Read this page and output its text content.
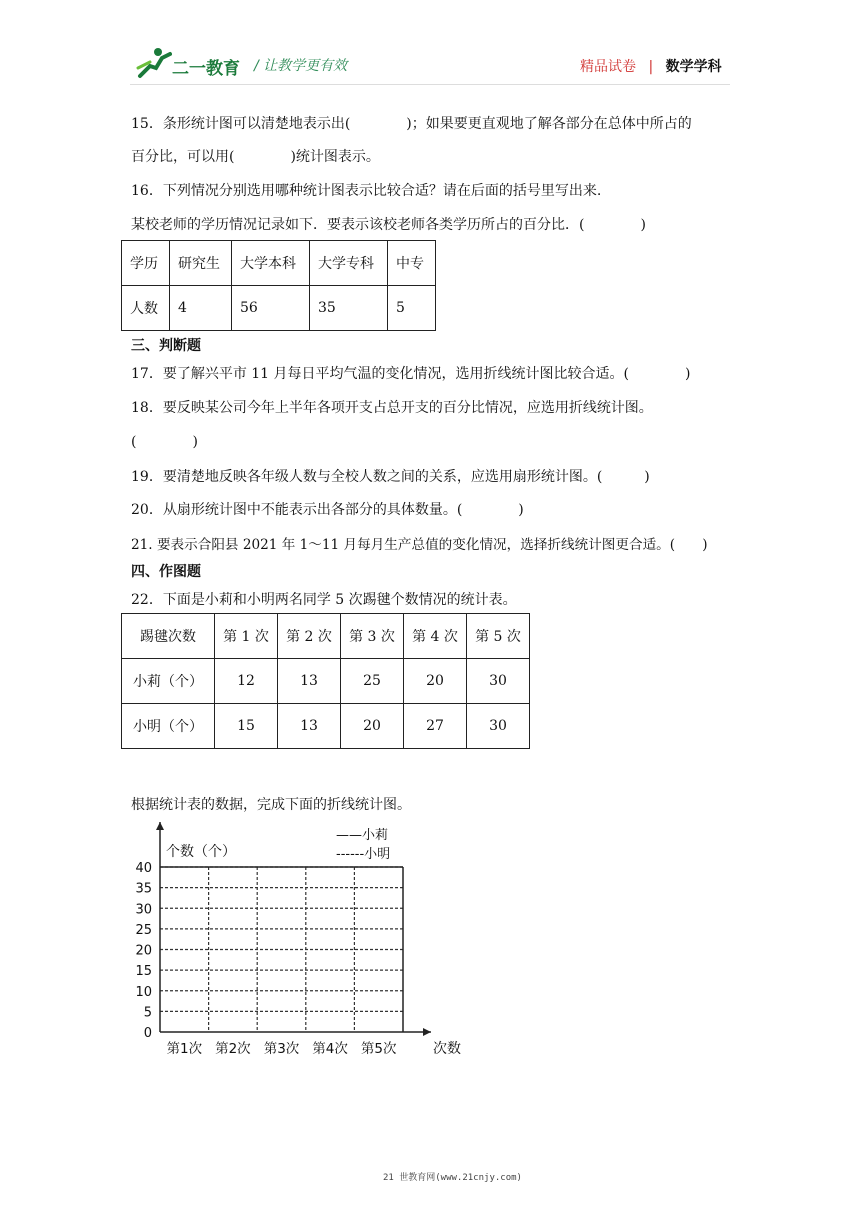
二一教育 / 让教学更有效	精品试卷 | 数学学科
15．条形统计图可以清楚地表示出(　　　　)；如果要更直观地了解各部分在总体中所占的
百分比，可以用(　　　　)统计图表示。
16．下列情况分别选用哪种统计图表示比较合适？请在后面的括号里写出来.
某校老师的学历情况记录如下．要表示该校老师各类学历所占的百分比．(　　　　)
学历	研究生	大学本科	大学专科	中专
人数	4	56	35	5
三、判断题
17．要了解兴平市 11 月每日平均气温的变化情况，选用折线统计图比较合适。(　　　　)
18．要反映某公司今年上半年各项开支占总开支的百分比情况，应选用折线统计图。
(　　　　)
19．要清楚地反映各年级人数与全校人数之间的关系，应选用扇形统计图。(　　　)
20．从扇形统计图中不能表示出各部分的具体数量。(　　　　)
21. 要表示合阳县 2021 年 1～11 月每月生产总值的变化情况，选择折线统计图更合适。(　　)
四、作图题
22．下面是小莉和小明两名同学 5 次踢毽个数情况的统计表。
踢毽次数	第 1 次	第 2 次	第 3 次	第 4 次	第 5 次
小莉（个）	12	13	25	20	30
小明（个）	15	13	20	27	30
根据统计表的数据，完成下面的折线统计图。
0
5
10
15
20
25
30
35
40
第1次 第2次 第3次 第4次 第5次
个数（个）
次数
——小莉
------小明
21 世教育网(www.21cnjy.com)
